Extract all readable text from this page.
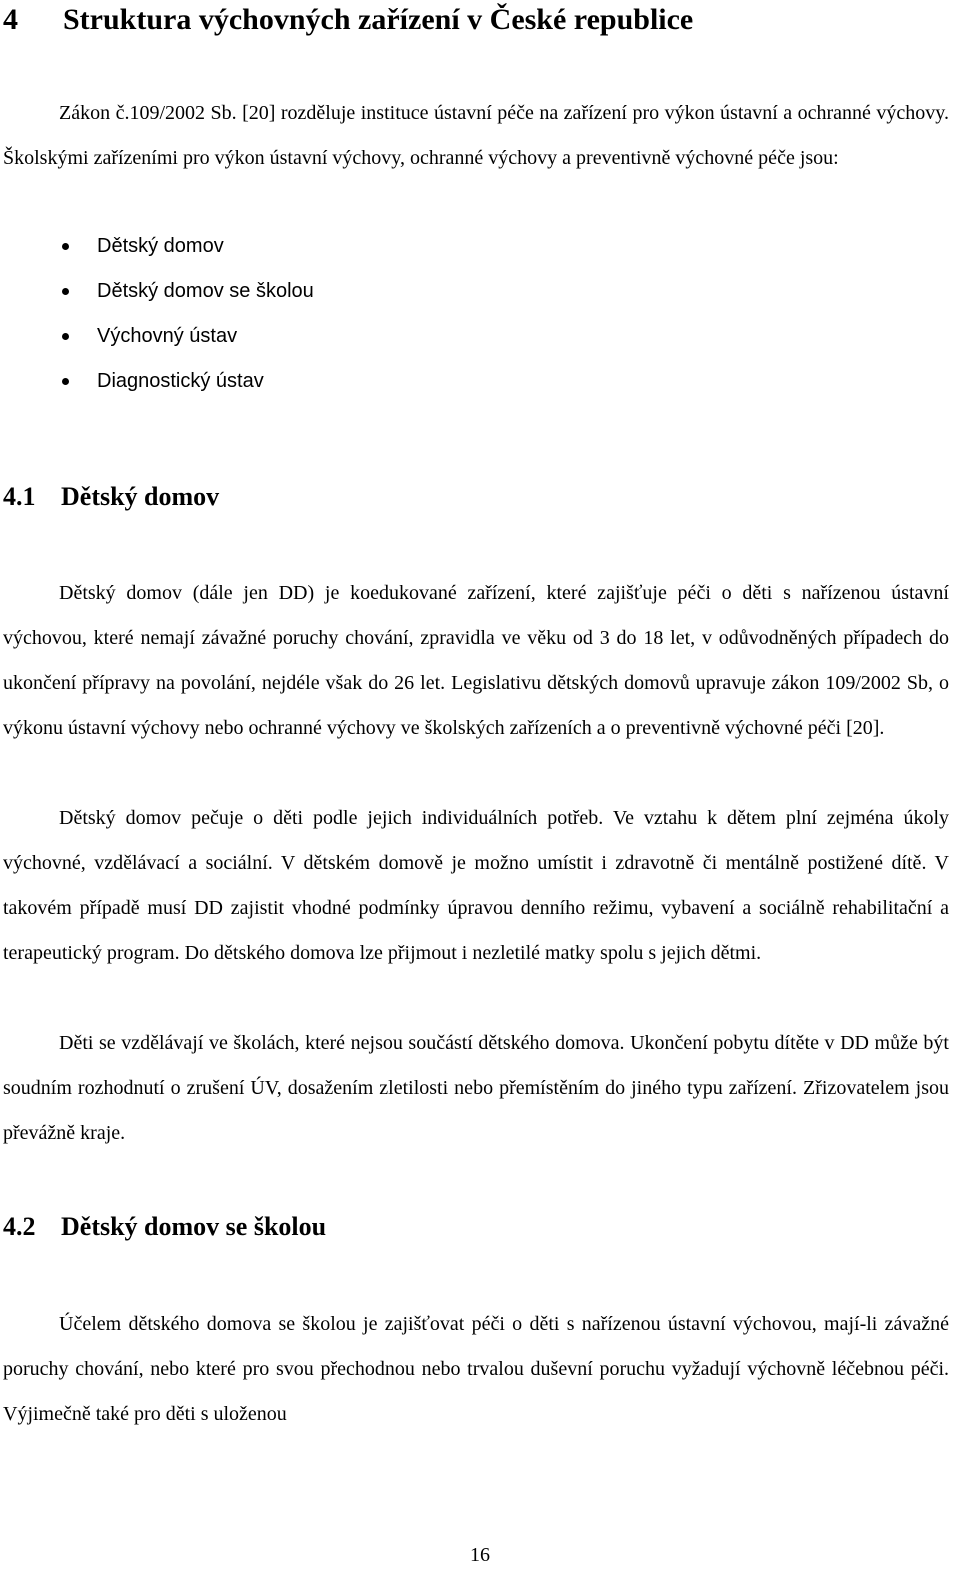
4 Struktura výchovných zařízení v České republice

Zákon č.109/2002 Sb. [20] rozděluje instituce ústavní péče na zařízení pro výkon ústavní a ochranné výchovy. Školskými zařízeními pro výkon ústavní výchovy, ochranné výchovy a preventivně výchovné péče jsou:

Dětský domov
Dětský domov se školou
Výchovný ústav
Diagnostický ústav
4.1 Dětský domov

Dětský domov (dále jen DD) je koedukované zařízení, které zajišťuje péči o děti s nařízenou ústavní výchovou, které nemají závažné poruchy chování, zpravidla ve věku od 3 do 18 let, v odůvodněných případech do ukončení přípravy na povolání, nejdéle však do 26 let. Legislativu dětských domovů upravuje zákon 109/2002 Sb, o výkonu ústavní výchovy nebo ochranné výchovy ve školských zařízeních a o preventivně výchovné péči [20].

Dětský domov pečuje o děti podle jejich individuálních potřeb. Ve vztahu k dětem plní zejména úkoly výchovné, vzdělávací a sociální. V dětském domově je možno umístit i zdravotně či mentálně postižené dítě. V takovém případě musí DD zajistit vhodné podmínky úpravou denního režimu, vybavení a sociálně rehabilitační a terapeutický program. Do dětského domova lze přijmout i nezletilé matky spolu s jejich dětmi.

Děti se vzdělávají ve školách, které nejsou součástí dětského domova. Ukončení pobytu dítěte v DD může být soudním rozhodnutí o zrušení ÚV, dosažením zletilosti nebo přemístěním do jiného typu zařízení. Zřizovatelem jsou převážně kraje.

4.2 Dětský domov se školou

Účelem dětského domova se školou je zajišťovat péči o děti s nařízenou ústavní výchovou, mají-li závažné poruchy chování, nebo které pro svou přechodnou nebo trvalou duševní poruchu vyžadují výchovně léčebnou péči. Výjimečně také pro děti s uloženou

16
